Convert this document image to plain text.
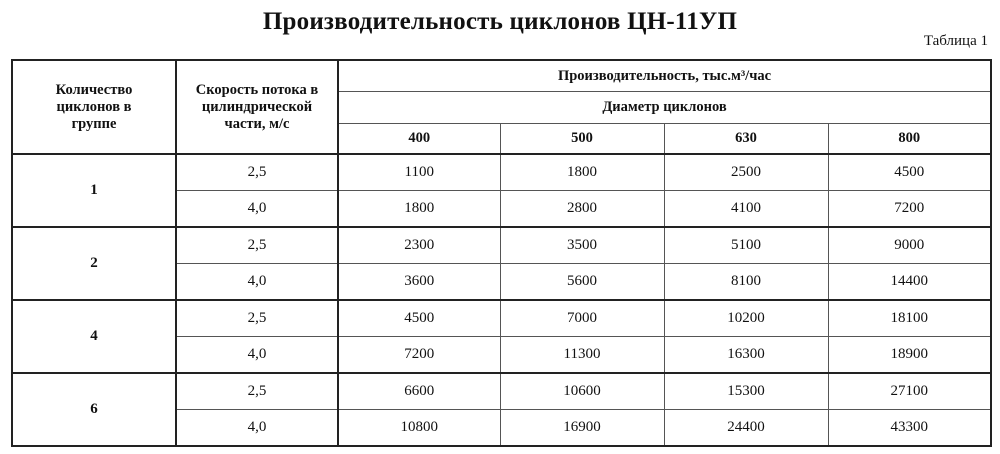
Производительность циклонов ЦН-11УП
Таблица 1
Количество циклонов в группе	Скорость потока в цилиндрической части, м/с	Производительность, тыс.м³/час			
		Диаметр циклонов			
		400	500	630	800
1	2,5	1100	1800	2500	4500
	4,0	1800	2800	4100	7200
2	2,5	2300	3500	5100	9000
	4,0	3600	5600	8100	14400
4	2,5	4500	7000	10200	18100
	4,0	7200	11300	16300	18900
6	2,5	6600	10600	15300	27100
	4,0	10800	16900	24400	43300
